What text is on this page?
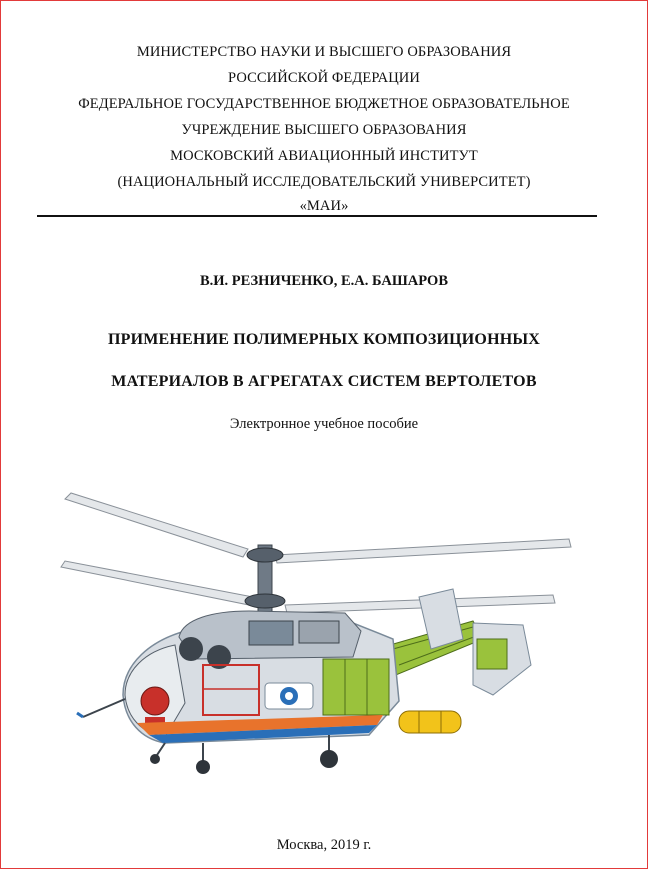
МИНИСТЕРСТВО НАУКИ И ВЫСШЕГО ОБРАЗОВАНИЯ
РОССИЙСКОЙ ФЕДЕРАЦИИ
ФЕДЕРАЛЬНОЕ ГОСУДАРСТВЕННОЕ БЮДЖЕТНОЕ ОБРАЗОВАТЕЛЬНОЕ
УЧРЕЖДЕНИЕ ВЫСШЕГО ОБРАЗОВАНИЯ
МОСКОВСКИЙ АВИАЦИОННЫЙ ИНСТИТУТ
(НАЦИОНАЛЬНЫЙ ИССЛЕДОВАТЕЛЬСКИЙ УНИВЕРСИТЕТ)
«МАИ»
В.И. РЕЗНИЧЕНКО, Е.А. БАШАРОВ
ПРИМЕНЕНИЕ ПОЛИМЕРНЫХ КОМПОЗИЦИОННЫХ
МАТЕРИАЛОВ В АГРЕГАТАХ СИСТЕМ ВЕРТОЛЕТОВ
Электронное учебное пособие
Москва, 2019 г.
